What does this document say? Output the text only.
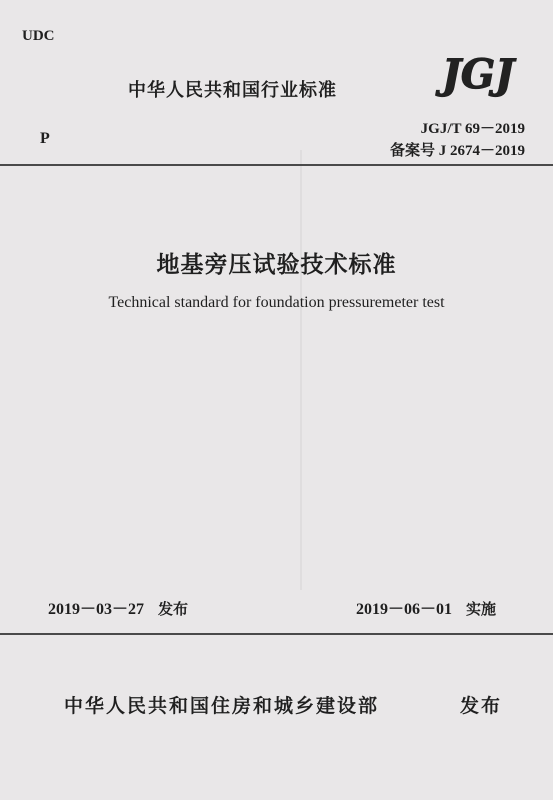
UDC
P
中华人民共和国行业标准	JGJ
JGJ/T 69－2019
备案号 J 2674－2019
地基旁压试验技术标准
Technical standard for foundation pressuremeter test
2019－03－27 发布	2019－06－01 实施
中华人民共和国住房和城乡建设部	发布
